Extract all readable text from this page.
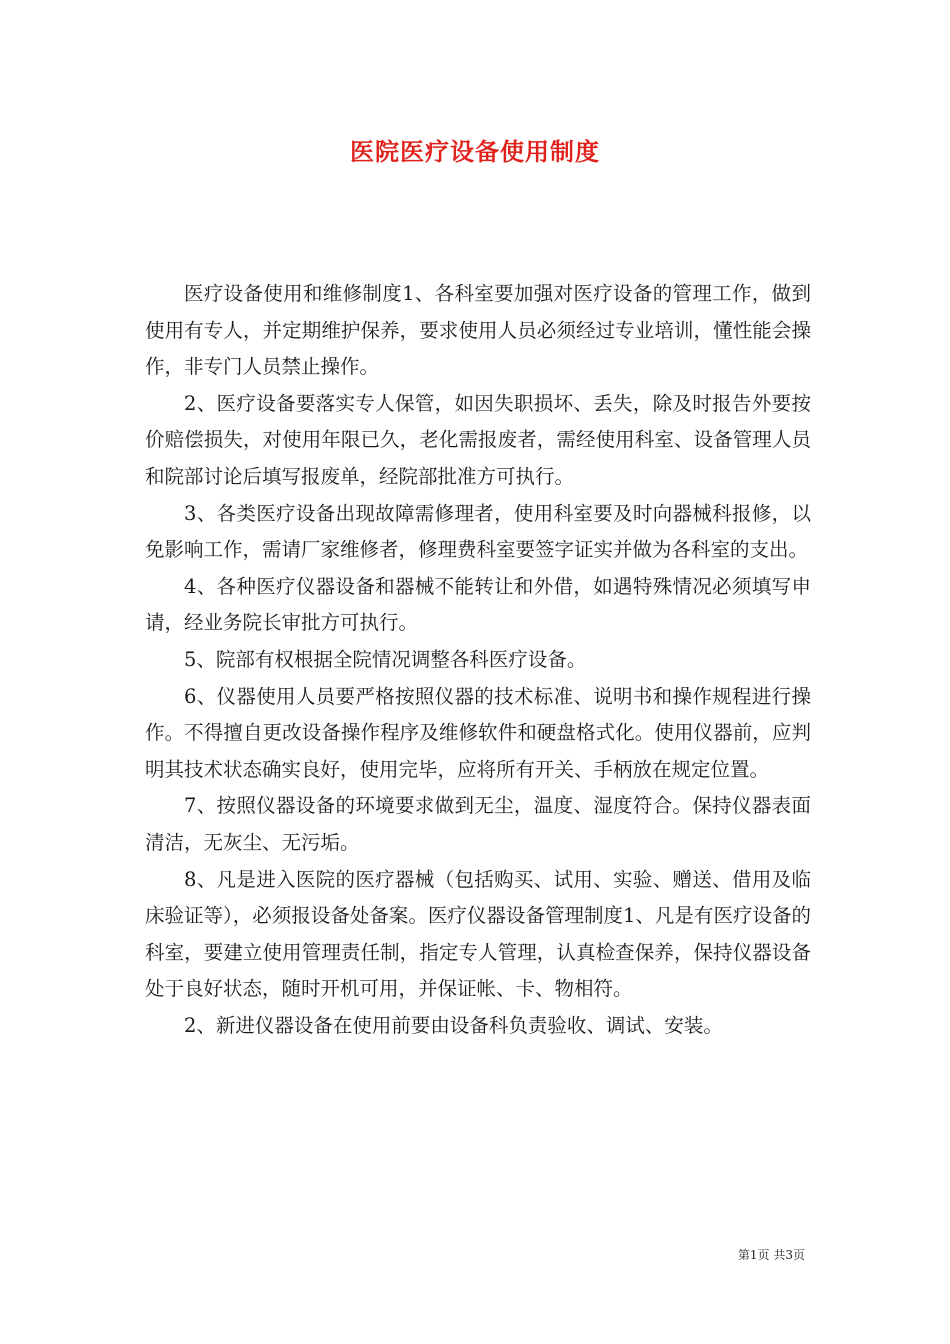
医院医疗设备使用制度

医疗设备使用和维修制度1、各科室要加强对医疗设备的管理工作，做到使用有专人，并定期维护保养，要求使用人员必须经过专业培训，懂性能会操作，非专门人员禁止操作。

2、医疗设备要落实专人保管，如因失职损坏、丢失，除及时报告外要按价赔偿损失，对使用年限已久，老化需报废者，需经使用科室、设备管理人员和院部讨论后填写报废单，经院部批准方可执行。

3、各类医疗设备出现故障需修理者，使用科室要及时向器械科报修，以免影响工作，需请厂家维修者，修理费科室要签字证实并做为各科室的支出。

4、各种医疗仪器设备和器械不能转让和外借，如遇特殊情况必须填写申请，经业务院长审批方可执行。

5、院部有权根据全院情况调整各科医疗设备。

6、仪器使用人员要严格按照仪器的技术标准、说明书和操作规程进行操作。不得擅自更改设备操作程序及维修软件和硬盘格式化。使用仪器前，应判明其技术状态确实良好，使用完毕，应将所有开关、手柄放在规定位置。

7、按照仪器设备的环境要求做到无尘，温度、湿度符合。保持仪器表面清洁，无灰尘、无污垢。

8、凡是进入医院的医疗器械（包括购买、试用、实验、赠送、借用及临床验证等），必须报设备处备案。医疗仪器设备管理制度1、凡是有医疗设备的科室，要建立使用管理责任制，指定专人管理，认真检查保养，保持仪器设备处于良好状态，随时开机可用，并保证帐、卡、物相符。

2、新进仪器设备在使用前要由设备科负责验收、调试、安装。

第1页 共3页
